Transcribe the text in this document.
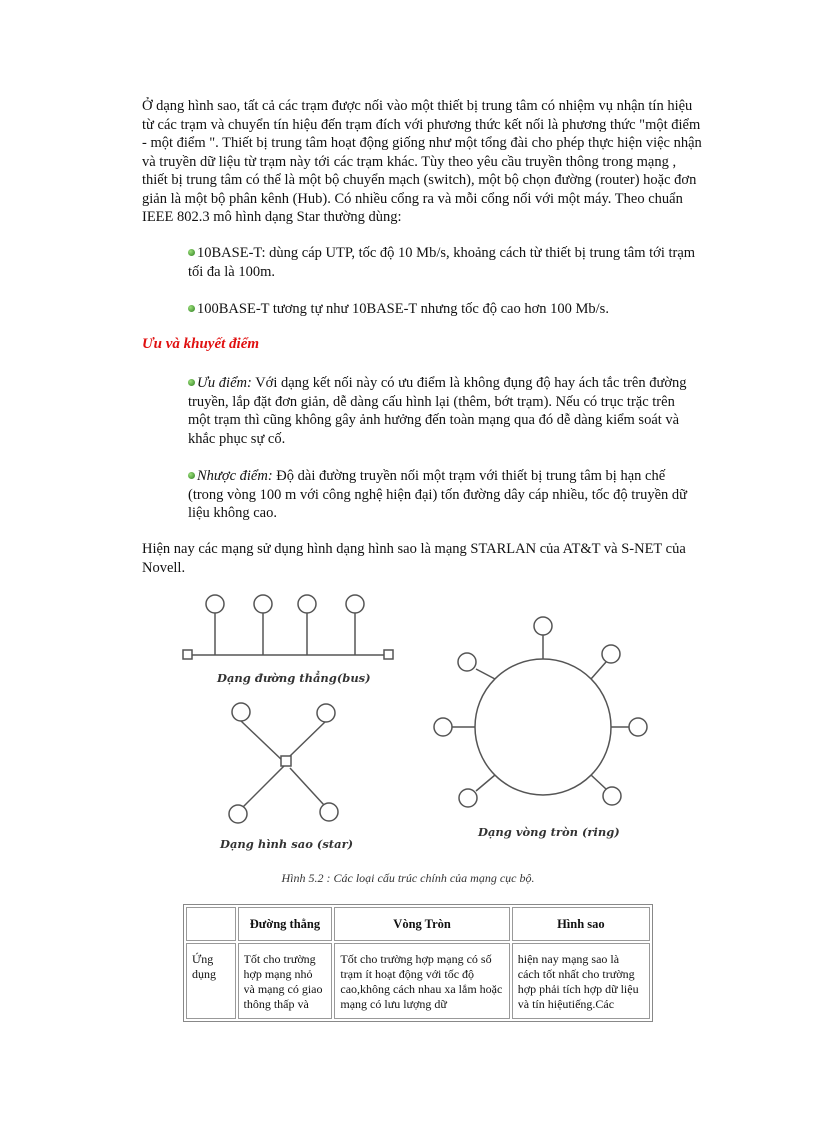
Ở dạng hình sao, tất cả các trạm được nối vào một thiết bị trung tâm có nhiệm vụ nhận tín hiệu từ các trạm và chuyển tín hiệu đến trạm đích với phương thức kết nối là phương thức "một điểm - một điểm ". Thiết bị trung tâm hoạt động giống như một tổng đài cho phép thực hiện việc nhận và truyền dữ liệu từ trạm này tới các trạm khác. Tùy theo yêu cầu truyền thông trong mạng , thiết bị trung tâm có thể là một bộ chuyển mạch (switch), một bộ chọn đường (router) hoặc đơn giản là một bộ phân kênh (Hub). Có nhiều cổng ra và mỗi cổng nối với một máy. Theo chuẩn IEEE 802.3 mô hình dạng Star thường dùng:

10BASE-T: dùng cáp UTP, tốc độ 10 Mb/s, khoảng cách từ thiết bị trung tâm tới trạm tối đa là 100m.

100BASE-T tương tự như 10BASE-T nhưng tốc độ cao hơn 100 Mb/s.

Ưu và khuyết điểm

Ưu điểm: Với dạng kết nối này có ưu điểm là không đụng độ hay ách tắc trên đường truyền, lắp đặt đơn giản, dễ dàng cấu hình lại (thêm, bớt trạm). Nếu có trục trặc trên một trạm thì cũng không gây ảnh hưởng đến toàn mạng qua đó dễ dàng kiểm soát và khắc phục sự cố.

Nhược điểm: Độ dài đường truyền nối một trạm với thiết bị trung tâm bị hạn chế (trong vòng 100 m với công nghệ hiện đại) tốn đường dây cáp nhiều, tốc độ truyền dữ liệu không cao.

Hiện nay các mạng sử dụng hình dạng hình sao là mạng STARLAN của AT&T và S-NET của Novell.

Dạng đường thẳng(bus)
Dạng vòng tròn (ring)
Dạng hình sao (star)
Hình 5.2 : Các loại cấu trúc chính của mạng cục bộ.
	Đường thẳng	Vòng Tròn	Hình sao

Ứng dụng	Tốt cho trường hợp mạng nhỏ và mạng có giao thông thấp và	Tốt cho trường hợp mạng có số trạm ít hoạt động với tốc độ cao,không cách nhau xa lắm hoặc mạng có lưu lượng dữ	hiện nay mạng sao là cách tốt nhất cho trường hợp phải tích hợp dữ liệu và tín hiệutiếng.Các
